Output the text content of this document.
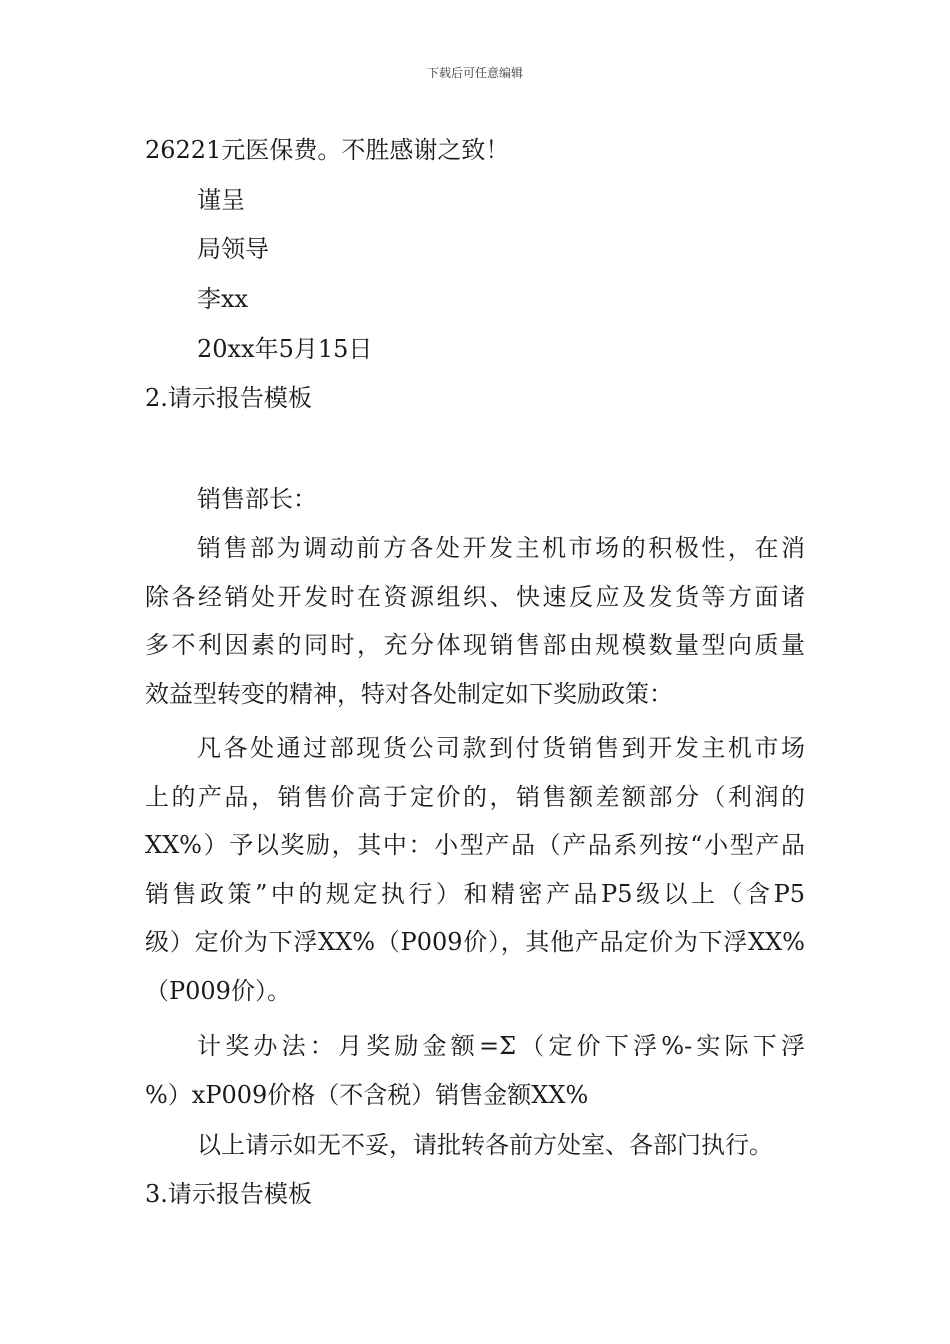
下载后可任意编辑
26221元医保费。不胜感谢之致！
谨呈
局领导
李xx
20xx年5月15日
2.请示报告模板
销售部长：
销售部为调动前方各处开发主机市场的积极性，在消
除各经销处开发时在资源组织、快速反应及发货等方面诸
多不利因素的同时，充分体现销售部由规模数量型向质量
效益型转变的精神，特对各处制定如下奖励政策：
凡各处通过部现货公司款到付货销售到开发主机市场
上的产品，销售价高于定价的，销售额差额部分（利润的
XX%）予以奖励，其中：小型产品（产品系列按“小型产品
销售政策”中的规定执行）和精密产品P5级以上（含P5
级）定价为下浮XX%（P009价），其他产品定价为下浮XX%
（P009价）。
计奖办法：月奖励金额=Σ（定价下浮%-实际下浮
%）xP009价格（不含税）销售金额XX%
以上请示如无不妥，请批转各前方处室、各部门执行。
3.请示报告模板
